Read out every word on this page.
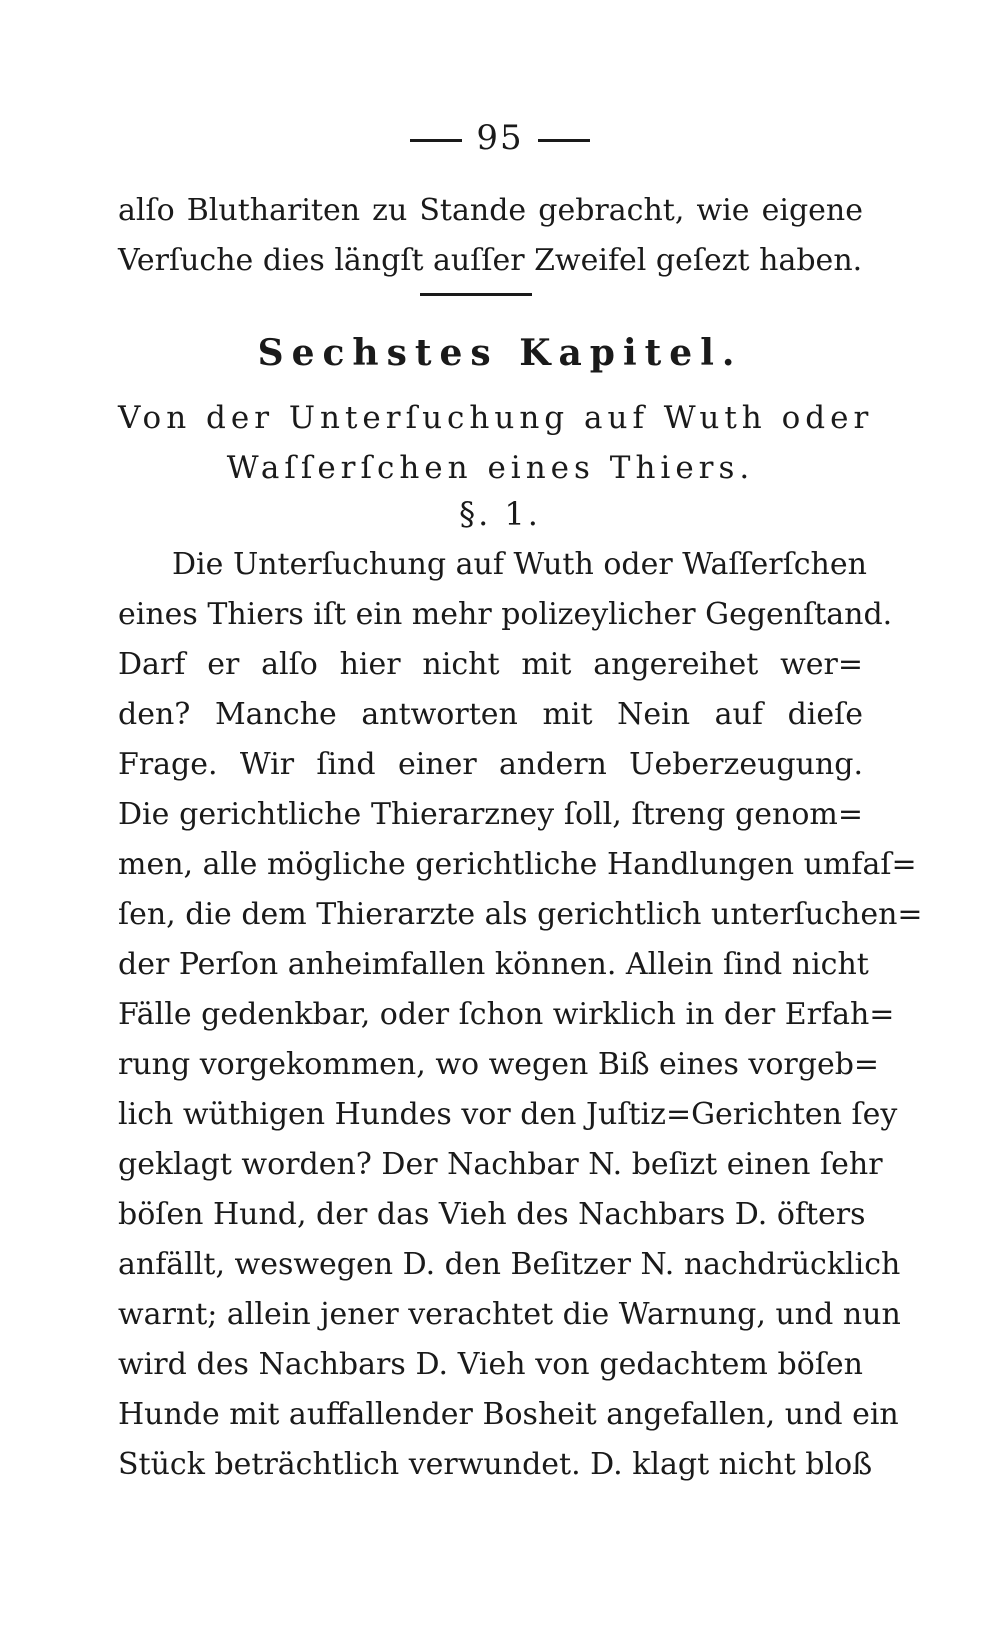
95
alſo Bluthariten zu Stande gebracht, wie eigene
Verſuche dies längſt auſſer Zweifel geſezt haben.
Sechstes Kapitel.
Von der Unterſuchung auf Wuth oder
Waſſerſchen eines Thiers.
§. 1.
Die Unterſuchung auf Wuth oder Waſſerſchen
eines Thiers iſt ein mehr polizeylicher Gegenſtand.
Darf er alſo hier nicht mit angereihet wer=
den? Manche antworten mit Nein auf dieſe
Frage. Wir ſind einer andern Ueberzeugung.
Die gerichtliche Thierarzney ſoll, ſtreng genom=
men, alle mögliche gerichtliche Handlungen umfaſ=
ſen, die dem Thierarzte als gerichtlich unterſuchen=
der Perſon anheimfallen können. Allein ſind nicht
Fälle gedenkbar, oder ſchon wirklich in der Erfah=
rung vorgekommen, wo wegen Biß eines vorgeb=
lich wüthigen Hundes vor den Juſtiz=Gerichten ſey
geklagt worden? Der Nachbar N. beſizt einen ſehr
böſen Hund, der das Vieh des Nachbars D. öfters
anfällt, weswegen D. den Beſitzer N. nachdrücklich
warnt; allein jener verachtet die Warnung, und nun
wird des Nachbars D. Vieh von gedachtem böſen
Hunde mit auffallender Bosheit angefallen, und ein
Stück beträchtlich verwundet. D. klagt nicht bloß
